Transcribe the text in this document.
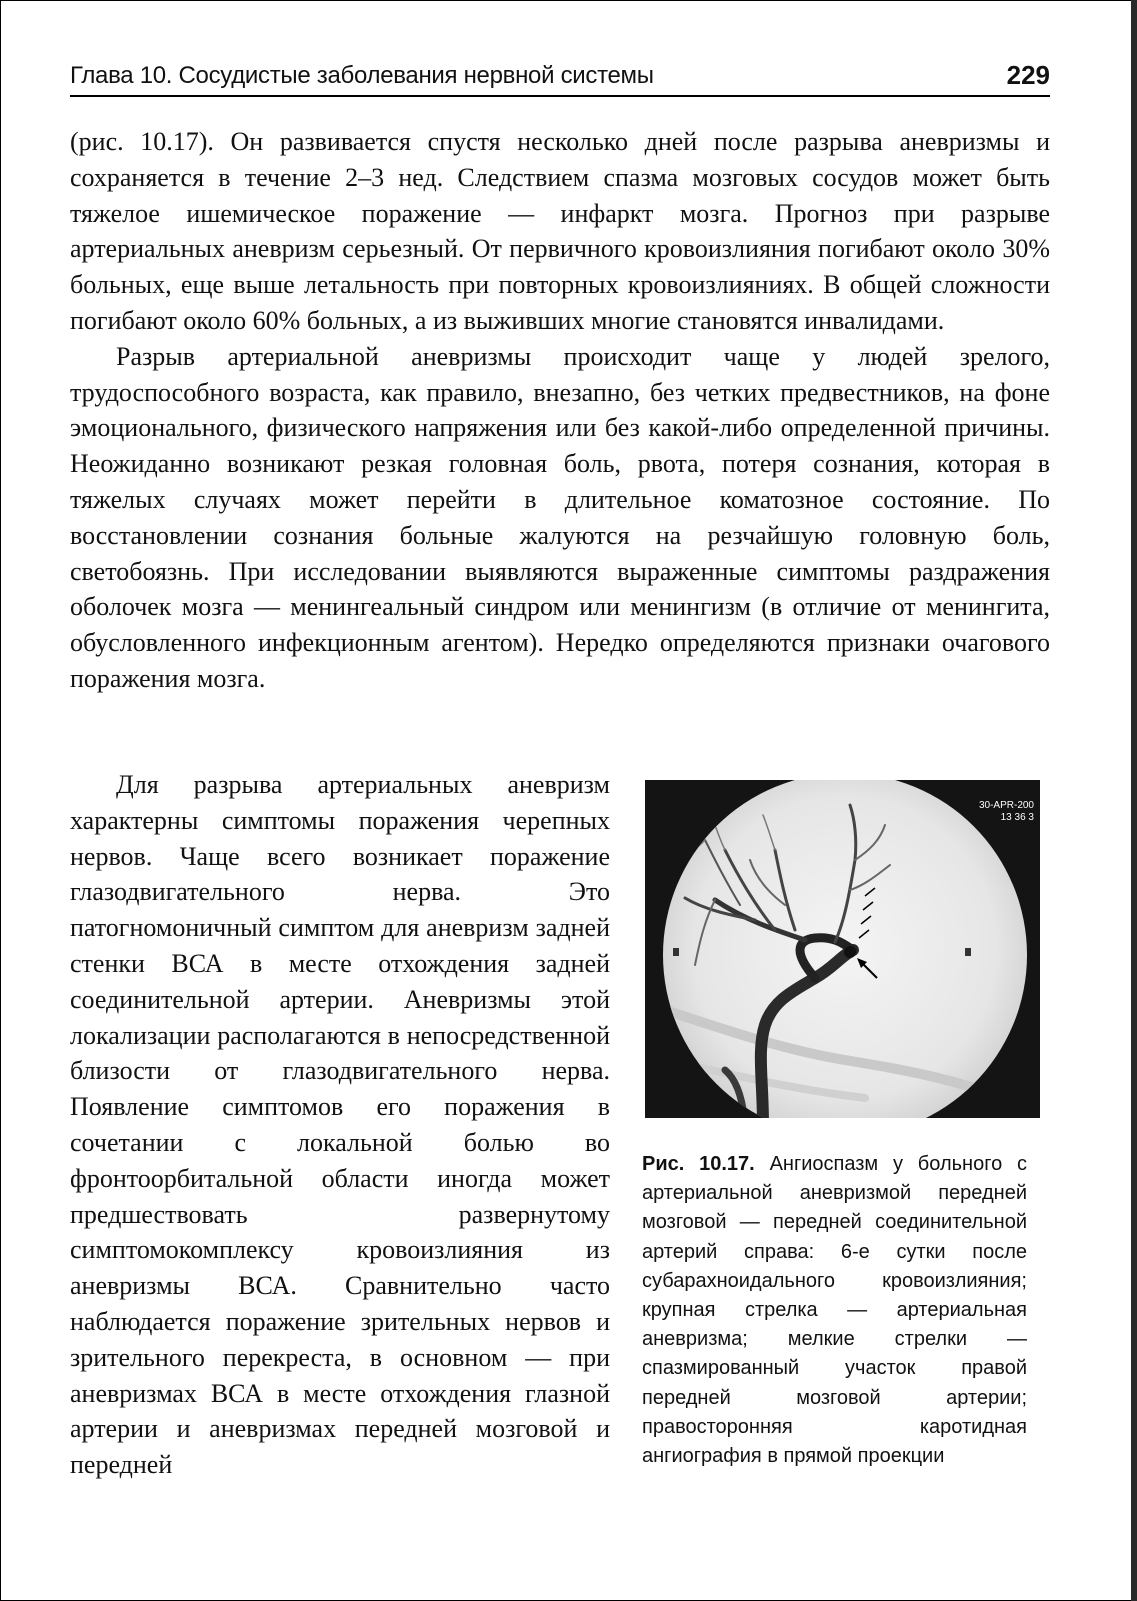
Глава 10. Сосудистые заболевания нервной системы	229

(рис. 10.17). Он развивается спустя несколько дней после разрыва аневризмы и сохраняется в течение 2–3 нед. Следствием спазма мозговых сосудов может быть тяжелое ишемическое поражение — инфаркт мозга. Прогноз при разрыве артериальных аневризм серьезный. От первичного кровоизлияния погибают около 30% больных, еще выше летальность при повторных кровоизлияниях. В общей сложности погибают около 60% больных, а из выживших многие становятся инвалидами.

Разрыв артериальной аневризмы происходит чаще у людей зрелого, трудоспособного возраста, как правило, внезапно, без четких предвестников, на фоне эмоционального, физического напряжения или без какой-либо определенной причины. Неожиданно возникают резкая головная боль, рвота, потеря сознания, которая в тяжелых случаях может перейти в длительное коматозное состояние. По восстановлении сознания больные жалуются на резчайшую головную боль, светобоязнь. При исследовании выявляются выраженные симптомы раздражения оболочек мозга — менингеальный синдром или менингизм (в отличие от менингита, обусловленного инфекционным агентом). Нередко определяются признаки очагового поражения мозга.

Для разрыва артериальных аневризм характерны симптомы поражения черепных нервов. Чаще всего возникает поражение глазодвигательного нерва. Это патогномоничный симптом для аневризм задней стенки ВСА в месте отхождения задней соединительной артерии. Аневризмы этой локализации располагаются в непосредственной близости от глазодвигательного нерва. Появление симптомов его поражения в сочетании с локальной болью во фронтоорбитальной области иногда может предшествовать развернутому симптомокомплексу кровоизлияния из аневризмы ВСА. Сравнительно часто наблюдается поражение зрительных нервов и зрительного перекреста, в основном — при аневризмах ВСА в месте отхождения глазной артерии и аневризмах передней мозговой и передней

30-APR-200
13 36 3
Рис. 10.17. Ангиоспазм у больного с артериальной аневризмой передней мозговой — передней соединительной артерий справа: 6-е сутки после субарахноидального кровоизлияния; крупная стрелка — артериальная аневризма; мелкие стрелки — спазмированный участок правой передней мозговой артерии; правосторонняя каротидная ангиография в прямой проекции
